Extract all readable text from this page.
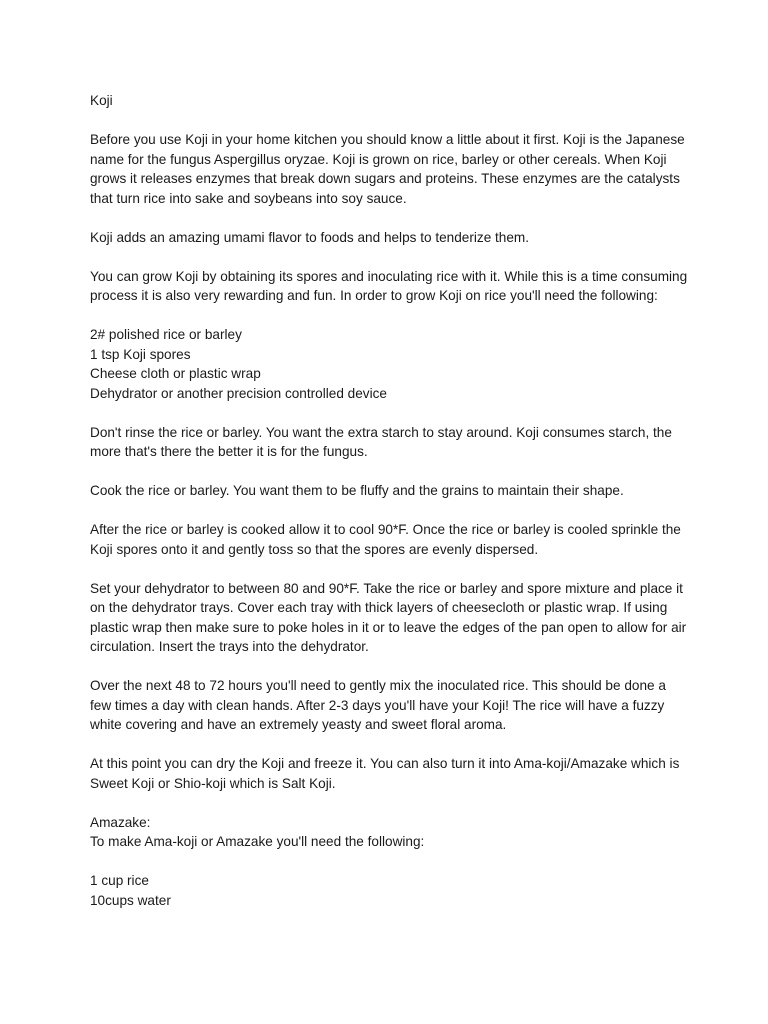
Koji

Before you use Koji in your home kitchen you should know a little about it first. Koji is the Japanese name for the fungus Aspergillus oryzae. Koji is grown on rice, barley or other cereals. When Koji grows it releases enzymes that break down sugars and proteins. These enzymes are the catalysts that turn rice into sake and soybeans into soy sauce.

Koji adds an amazing umami flavor to foods and helps to tenderize them.

You can grow Koji by obtaining its spores and inoculating rice with it. While this is a time consuming process it is also very rewarding and fun. In order to grow Koji on rice you'll need the following:

2# polished rice or barley
1 tsp Koji spores
Cheese cloth or plastic wrap
Dehydrator or another precision controlled device

Don't rinse the rice or barley. You want the extra starch to stay around. Koji consumes starch, the more that's there the better it is for the fungus.

Cook the rice or barley. You want them to be fluffy and the grains to maintain their shape.

After the rice or barley is cooked allow it to cool 90*F. Once the rice or barley is cooled sprinkle the Koji spores onto it and gently toss so that the spores are evenly dispersed.

Set your dehydrator to between 80 and 90*F. Take the rice or barley and spore mixture and place it on the dehydrator trays. Cover each tray with thick layers of cheesecloth or plastic wrap. If using plastic wrap then make sure to poke holes in it or to leave the edges of the pan open to allow for air circulation. Insert the trays into the dehydrator.

Over the next 48 to 72 hours you'll need to gently mix the inoculated rice. This should be done a few times a day with clean hands. After 2-3 days you'll have your Koji! The rice will have a fuzzy white covering and have an extremely yeasty and sweet floral aroma.

At this point you can dry the Koji and freeze it. You can also turn it into Ama-koji/Amazake which is Sweet Koji or Shio-koji which is Salt Koji.

Amazake:
To make Ama-koji or Amazake you'll need the following:

1 cup rice
10cups water
